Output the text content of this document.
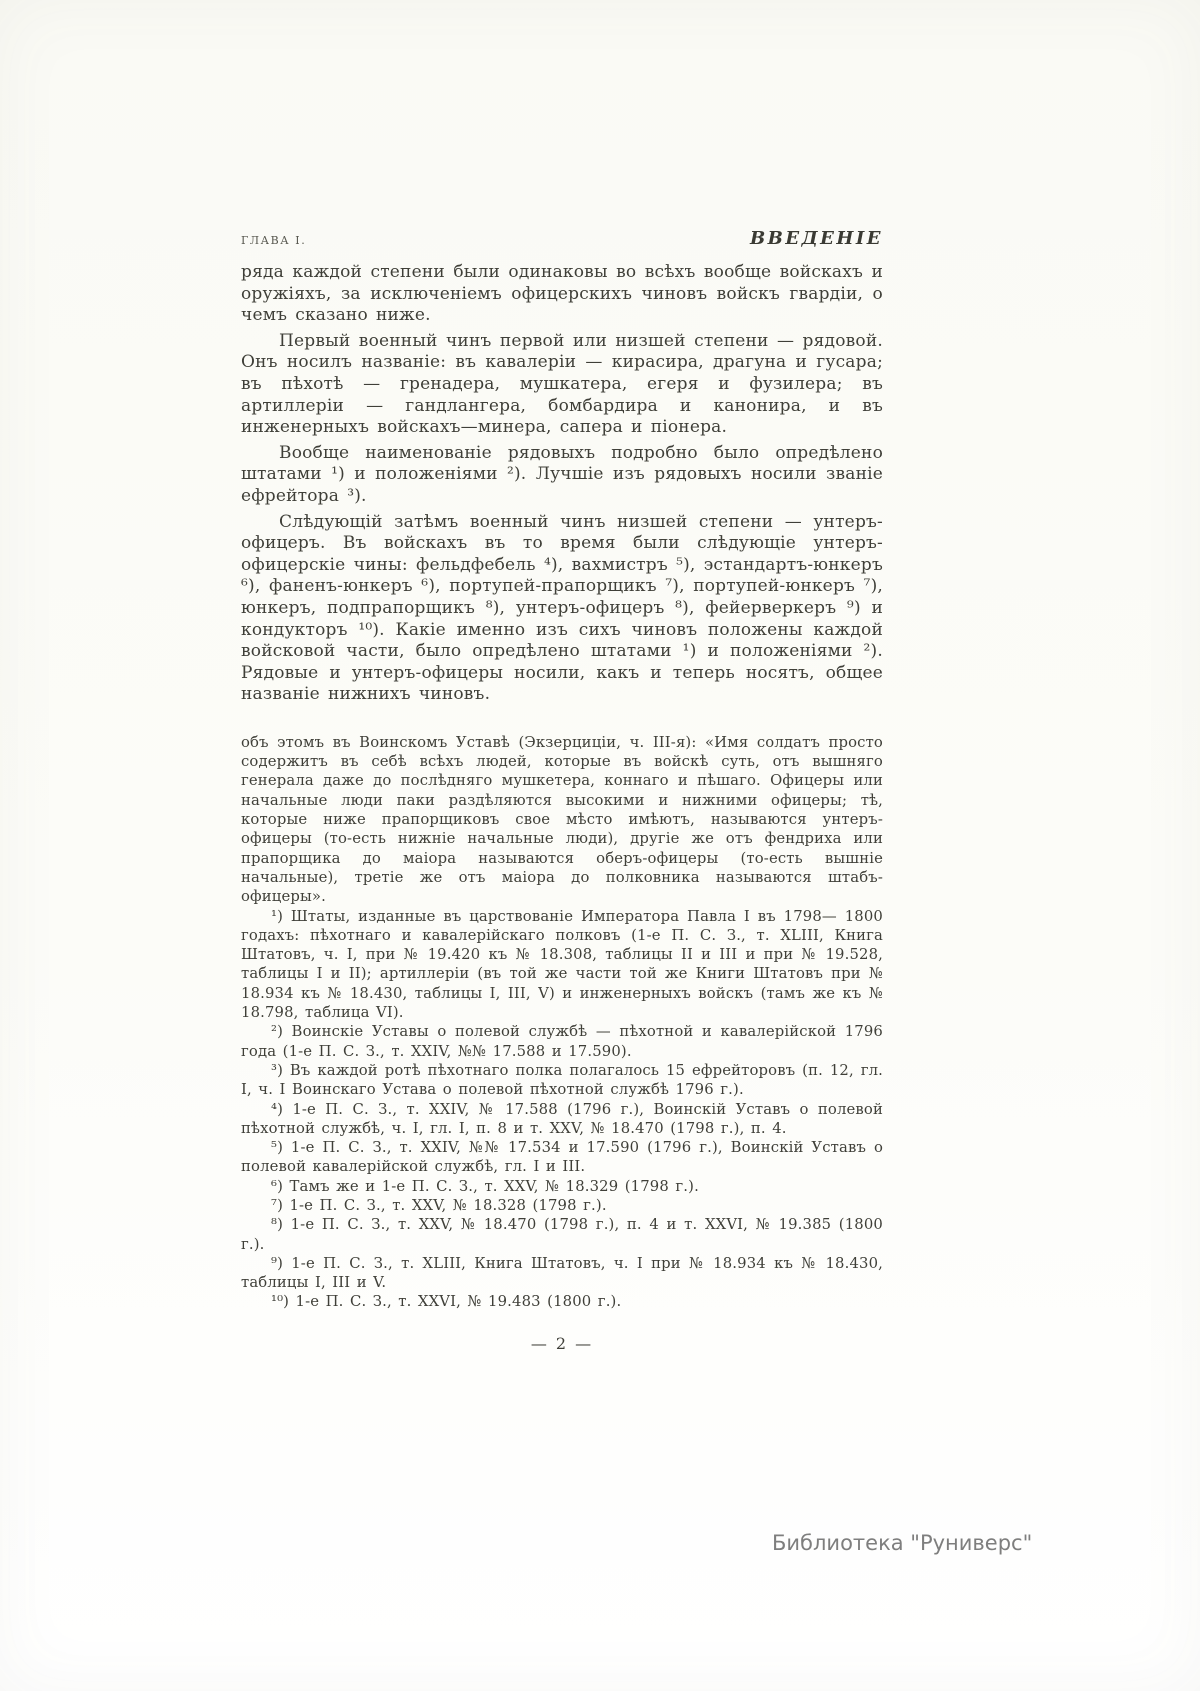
ГЛАВА I.	ВВЕДЕНІЕ

ряда каждой степени были одинаковы во всѣхъ вообще войскахъ и оружіяхъ, за исключеніемъ офицерскихъ чиновъ войскъ гвардіи, о чемъ сказано ниже.

Первый военный чинъ первой или низшей степени — рядовой. Онъ носилъ названіе: въ кавалеріи — кирасира, драгуна и гусара; въ пѣхотѣ — гренадера, мушкатера, егеря и фузилера; въ артиллеріи — гандлангера, бомбардира и канонира, и въ инженерныхъ войскахъ—минера, сапера и піонера.

Вообще наименованіе рядовыхъ подробно было опредѣлено штатами ¹) и положеніями ²). Лучшіе изъ рядовыхъ носили званіе ефрейтора ³).

Слѣдующій затѣмъ военный чинъ низшей степени — унтеръ-офицеръ. Въ войскахъ въ то время были слѣдующіе унтеръ-офицерскіе чины: фельдфебель ⁴), вахмистръ ⁵), эстандартъ-юнкеръ ⁶), фаненъ-юнкеръ ⁶), портупей-прапорщикъ ⁷), портупей-юнкеръ ⁷), юнкеръ, подпрапорщикъ ⁸), унтеръ-офицеръ ⁸), фейерверкеръ ⁹) и кондукторъ ¹⁰). Какіе именно изъ сихъ чиновъ положены каждой войсковой части, было опредѣлено штатами ¹) и положеніями ²). Рядовые и унтеръ-офицеры носили, какъ и теперь носятъ, общее названіе нижнихъ чиновъ.

объ этомъ въ Воинскомъ Уставѣ (Экзерциціи, ч. III-я): «Имя солдатъ просто содержитъ въ себѣ всѣхъ людей, которые въ войскѣ суть, отъ вышняго генерала даже до послѣдняго мушкетера, коннаго и пѣшаго. Офицеры или начальные люди паки раздѣляются высокими и нижними офицеры; тѣ, которые ниже прапорщиковъ свое мѣсто имѣютъ, называются унтеръ-офицеры (то-есть нижніе начальные люди), другіе же отъ фендриха или прапорщика до маіора называются оберъ-офицеры (то-есть вышніе начальные), третіе же отъ маіора до полковника называются штабъ-офицеры».

¹) Штаты, изданные въ царствованіе Императора Павла I въ 1798— 1800 годахъ: пѣхотнаго и кавалерійскаго полковъ (1-е П. С. З., т. XLIII, Книга Штатовъ, ч. I, при № 19.420 къ № 18.308, таблицы II и III и при № 19.528, таблицы I и II); артиллеріи (въ той же части той же Книги Штатовъ при № 18.934 къ № 18.430, таблицы I, III, V) и инженерныхъ войскъ (тамъ же къ № 18.798, таблица VI).

²) Воинскіе Уставы о полевой службѣ — пѣхотной и кавалерійской 1796 года (1-е П. С. З., т. XXIV, №№ 17.588 и 17.590).

³) Въ каждой ротѣ пѣхотнаго полка полагалось 15 ефрейторовъ (п. 12, гл. I, ч. I Воинскаго Устава о полевой пѣхотной службѣ 1796 г.).

⁴) 1-е П. С. З., т. XXIV, № 17.588 (1796 г.), Воинскій Уставъ о полевой пѣхотной службѣ, ч. I, гл. I, п. 8 и т. XXV, № 18.470 (1798 г.), п. 4.

⁵) 1-е П. С. З., т. XXIV, №№ 17.534 и 17.590 (1796 г.), Воинскій Уставъ о полевой кавалерійской службѣ, гл. I и III.

⁶) Тамъ же и 1-е П. С. З., т. XXV, № 18.329 (1798 г.).

⁷) 1-е П. С. З., т. XXV, № 18.328 (1798 г.).

⁸) 1-е П. С. З., т. XXV, № 18.470 (1798 г.), п. 4 и т. XXVI, № 19.385 (1800 г.).

⁹) 1-е П. С. З., т. XLIII, Книга Штатовъ, ч. I при № 18.934 къ № 18.430, таблицы I, III и V.

¹⁰) 1-е П. С. З., т. XXVI, № 19.483 (1800 г.).

— 2 —
Библиотека "Руниверс"
